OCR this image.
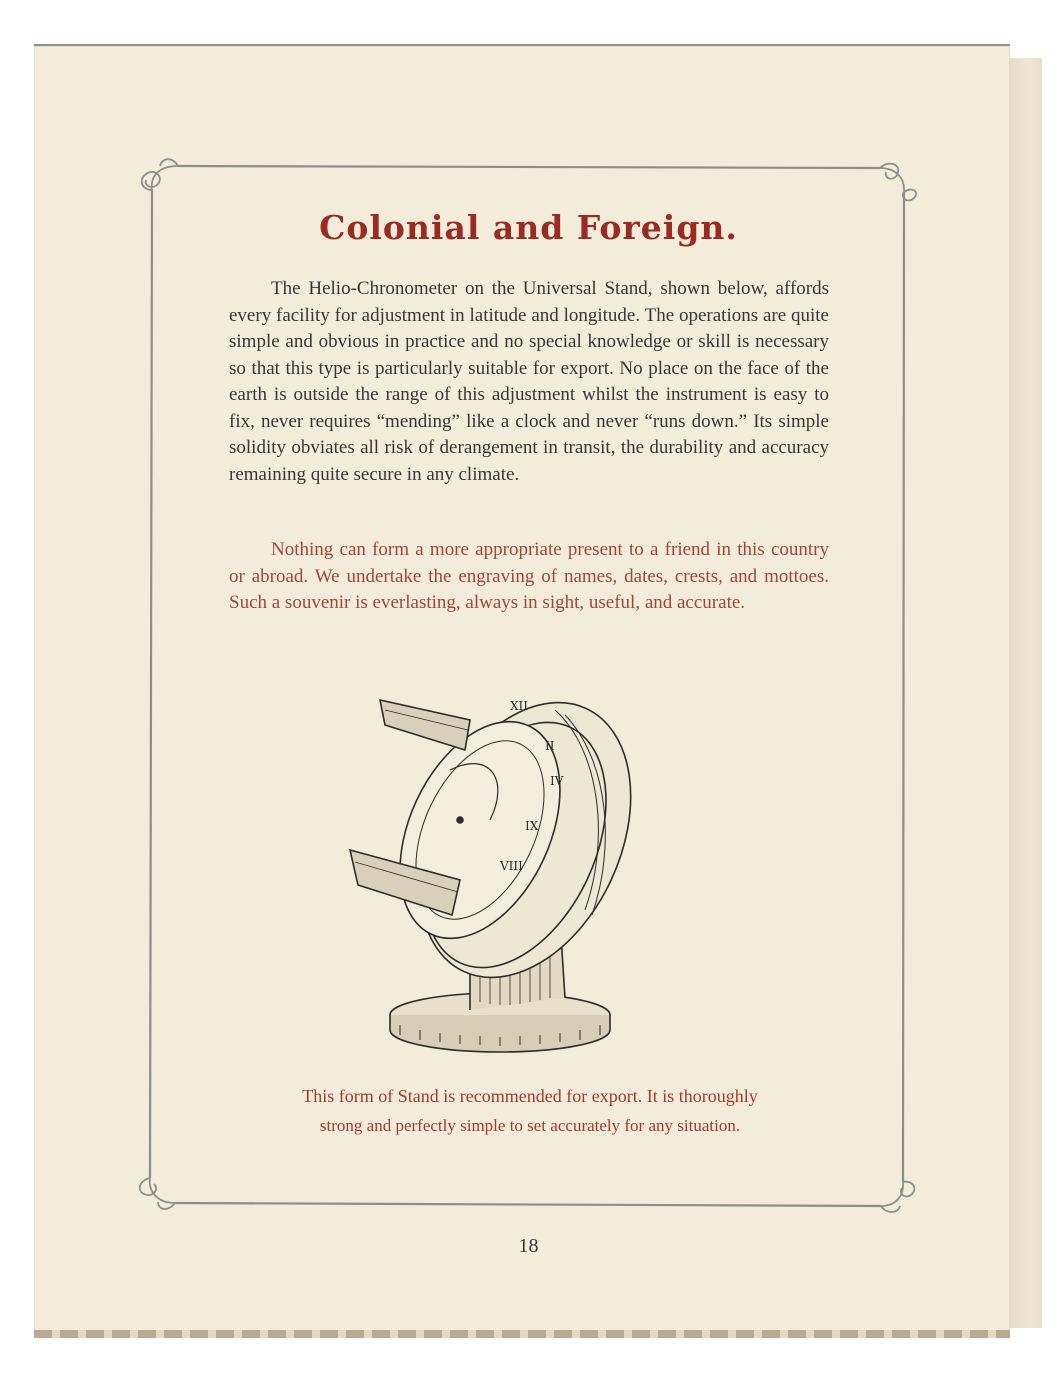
Colonial and Foreign.

The Helio-Chronometer on the Universal Stand, shown below, affords every facility for adjustment in latitude and longitude. The operations are quite simple and obvious in practice and no special knowledge or skill is necessary so that this type is particularly suitable for export. No place on the face of the earth is outside the range of this adjustment whilst the instrument is easy to fix, never requires “mending” like a clock and never “runs down.” Its simple solidity obviates all risk of derangement in transit, the durability and accuracy remaining quite secure in any climate.

Nothing can form a more appropriate present to a friend in this country or abroad. We undertake the engraving of names, dates, crests, and mottoes. Such a souvenir is everlasting, always in sight, useful, and accurate.

XII
II
IV
IX
VIII
This form of Stand is recommended for export. It is thoroughly
strong and perfectly simple to set accurately for any situation.
18
